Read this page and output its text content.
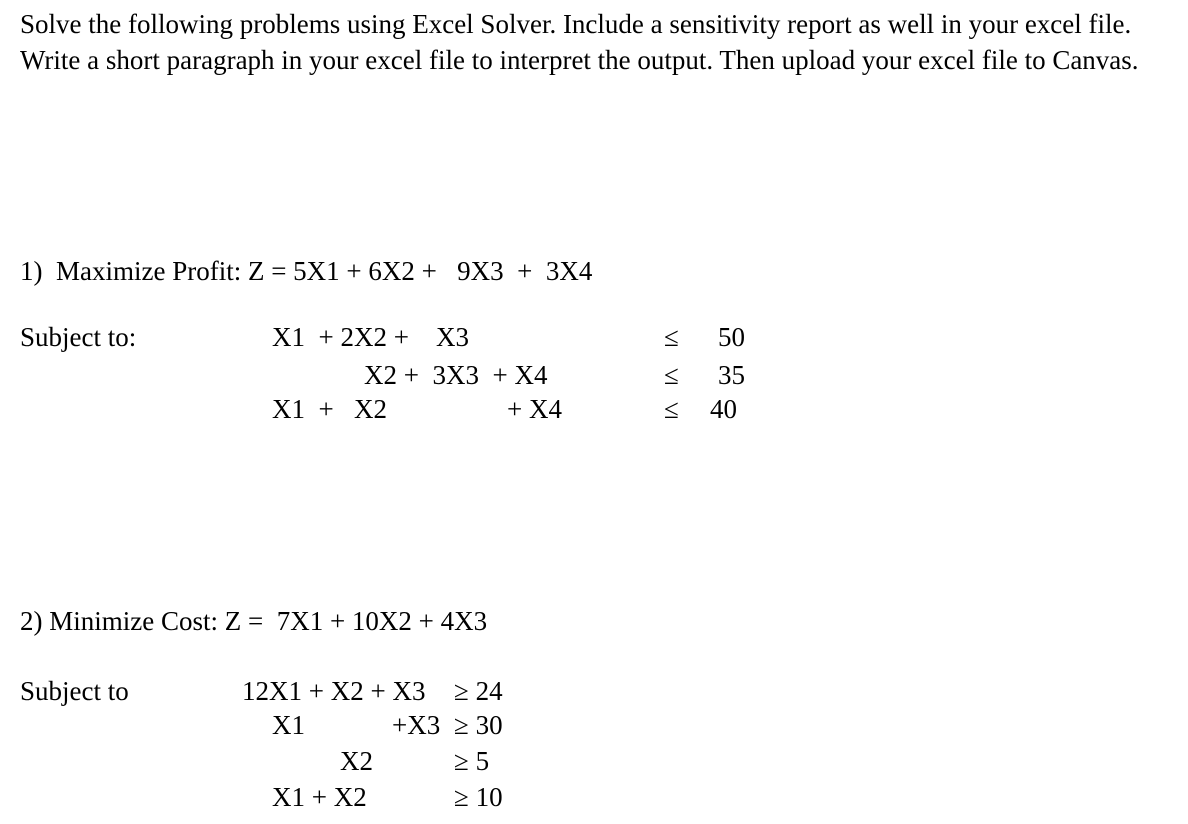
Solve the following problems using Excel Solver. Include a sensitivity report as well in your excel file. Write a short paragraph in your excel file to interpret the output. Then upload your excel file to Canvas.
1)  Maximize Profit: Z = 5X1 + 6X2 +   9X3  +  3X4
Subject to:	X1  + 2X2 +    X3	≤ 50
X2 +  3X3  + X4	≤ 35
X1  +   X2	+ X4	≤ 40
2) Minimize Cost: Z =  7X1 + 10X2 + 4X3
Subject to	12X1 + X2 + X3 ≥ 24
X1	+X3 ≥ 30
X2	≥ 5
X1 + X2	≥ 10
